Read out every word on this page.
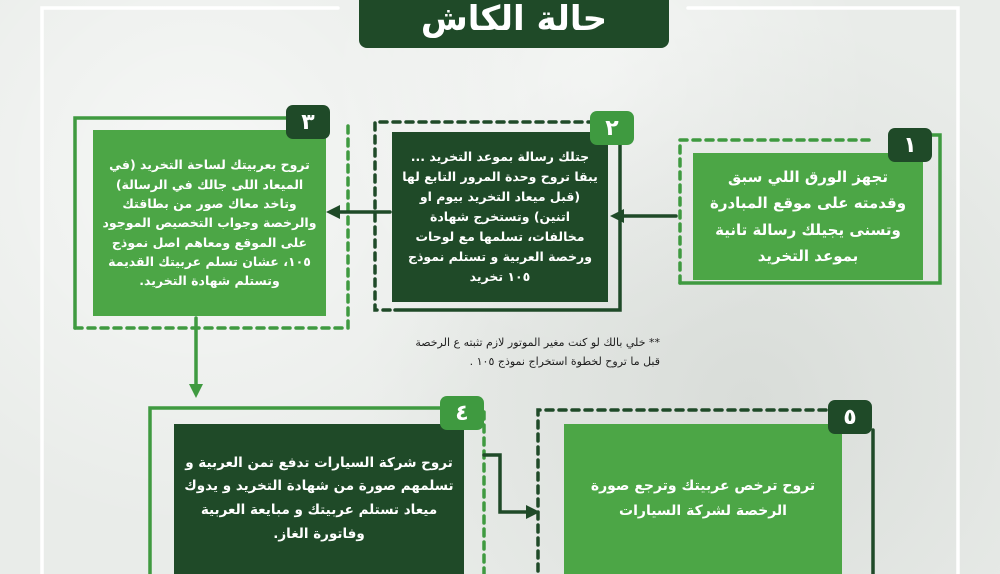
حالة الكاش
تجهز الورق اللي سبق وقدمته على موقع المبادرة وتسنى يجيلك رسالة تانية بموعد التخريد
١
جتلك رسالة بموعد التخريد ... يبقا تروح وحدة المرور التابع لها (قبل ميعاد التخريد بيوم او اتنين) وتستخرج شهادة مخالفات، تسلمها مع لوحات ورخصة العربية و تستلم نموذج ١٠٥ تخريد
٢
تروح بعربيتك لساحة التخريد (في الميعاد اللى جالك في الرسالة) وتاخد معاك صور من بطاقتك والرخصة وجواب التخصيص الموجود على الموقع ومعاهم اصل نموذج ١٠٥، عشان تسلم عربيتك القديمة وتستلم شهادة التخريد.
٣
** خلي بالك لو كنت مغير الموتور لازم تثبته ع الرخصة
قبل ما تروح لخطوة استخراج نموذج ١٠٥ .
تروح شركة السيارات تدفع تمن العربية و تسلمهم صورة من شهادة التخريد و يدوك ميعاد تستلم عربيتك و مبايعة العربية وفاتورة الغاز.
٤
تروح ترخص عربيتك وترجع صورة الرخصة لشركة السيارات
٥
